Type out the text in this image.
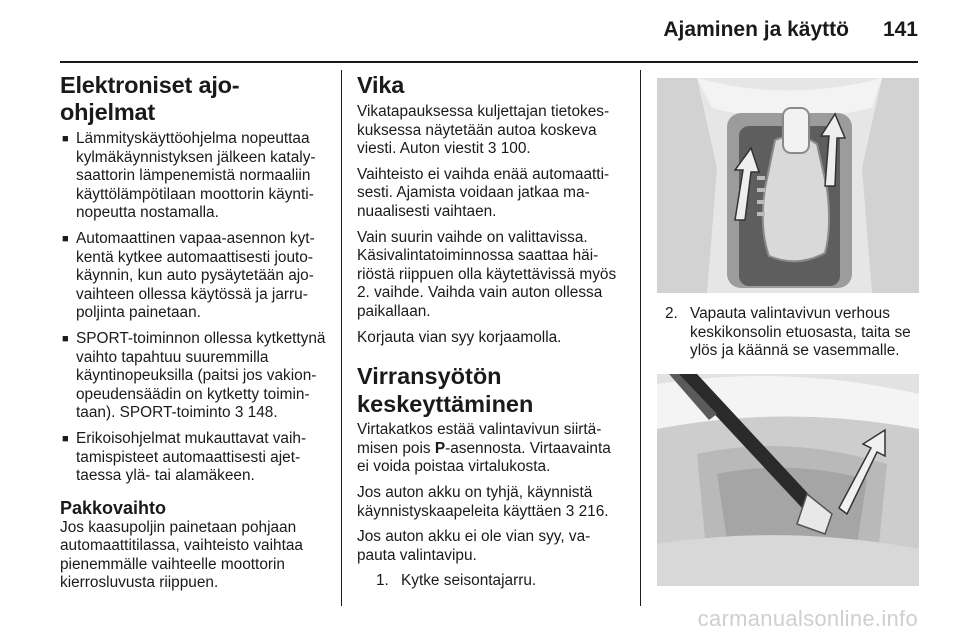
Ajaminen ja käyttö 141
Elektroniset ajo-ohjelmat
■ Lämmityskäyttöohjelma nopeuttaa kylmäkäynnistyksen jälkeen katalysaattorin lämpenemistä normaaliin käyttölämpötilaan moottorin käyntinopeutta nostamalla.
■ Automaattinen vapaa-asennon kytkentä kytkee automaattisesti joutokäynnin, kun auto pysäytetään ajovaihteen ollessa käytössä ja jarrupoljinta painetaan.
■ SPORT-toiminnon ollessa kytkettynä vaihto tapahtuu suuremmilla käyntinopeuksilla (paitsi jos vakionopeudensäädin on kytketty toimintaan). SPORT-toiminto 3 148.
■ Erikoisohjelmat mukauttavat vaihtamispisteet automaattisesti ajettaessa ylä- tai alamäkeen.
Pakkovaihto

Jos kaasupoljin painetaan pohjaan automaattitilassa, vaihteisto vaihtaa pienemmälle vaihteelle moottorin kierrosluvusta riippuen.

Vika

Vikatapauksessa kuljettajan tietokeskuksessa näytetään autoa koskeva viesti. Auton viestit 3 100.

Vaihteisto ei vaihda enää automaattisesti. Ajamista voidaan jatkaa manuaalisesti vaihtaen.

Vain suurin vaihde on valittavissa. Käsivalintatoiminnossa saattaa häiriöstä riippuen olla käytettävissä myös 2. vaihde. Vaihda vain auton ollessa paikallaan.

Korjauta vian syy korjaamolla.

Virransyötön keskeyttäminen

Virtakatkos estää valintavivun siirtämisen pois P-asennosta. Virtaavainta ei voida poistaa virtalukosta.

Jos auton akku on tyhjä, käynnistä käynnistyskaapeleita käyttäen 3 216.

Jos auton akku ei ole vian syy, vapauta valintavipu.

1. Kytke seisontajarru.
2. Vapauta valintavivun verhous keskikonsolin etuosasta, taita se ylös ja käännä se vasemmalle.
carmanualsonline.info
